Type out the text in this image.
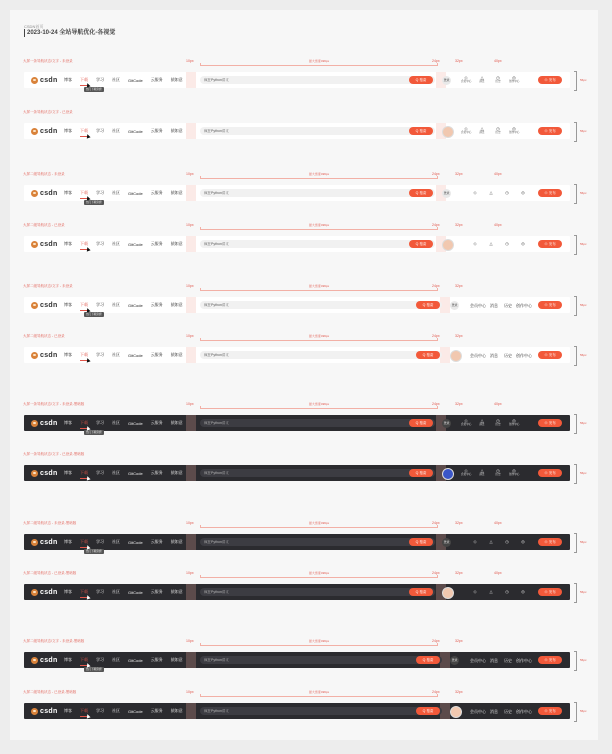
CSDN首页
2023-10-24 全站导航优化-各视觉
大屏一条导航状态/文字 - 未登录	最大宽度496px
10px	24px	32px	40px
csdn 博客 下载 学习 社区 GitCode 云服务 猿如意	疯狂Python讲义	Q 搜索	登录	◇
会员中心
△
消息
◷
历史
◎
创作中心	⊕ 发布	56px
热门下载资源
大屏一条导航状态/文字 - 已登录
csdn 博客 下载 学习 社区 GitCode 云服务 猿如意	疯狂Python讲义	Q 搜索	◇
会员中心
△
消息
◷
历史
◎
创作中心	⊕ 发布	56px
大屏二级导航状态 - 未登录	最大宽度496px
10px	24px	32px	40px
csdn 博客 下载 学习 社区 GitCode 云服务 猿如意	疯狂Python讲义	Q 搜索	登录	◇	△	◷	◎	⊕ 发布	56px
热门下载资源
大屏二级导航状态 - 已登录	最大宽度496px
10px	24px	32px	40px
csdn 博客 下载 学习 社区 GitCode 云服务 猿如意	疯狂Python讲义	Q 搜索	◇	△	◷	◎	⊕ 发布	56px
大屏二级导航状态/文字 - 未登录	最大宽度496px
10px	24px	32px
csdn 博客 下载 学习 社区 GitCode 云服务 猿如意	疯狂Python讲义	Q 搜索	登录	会员中心 消息 历史 创作中心	⊕ 发布	56px
热门下载资源
大屏二级导航状态 - 已登录	最大宽度496px
10px	24px	32px
csdn 博客 下载 学习 社区 GitCode 云服务 猿如意	疯狂Python讲义	Q 搜索	会员中心 消息 历史 创作中心	⊕ 发布	56px
大屏一条导航状态/文字 - 未登录-黑暗版	最大宽度496px
10px	24px	32px	40px
csdn 博客 下载 学习 社区 GitCode 云服务 猿如意	疯狂Python讲义	Q 搜索	登录	◇
会员中心
△
消息
◷
历史
◎
创作中心	⊕ 发布	56px
热门下载资源
大屏一条导航状态/文字 - 已登录-黑暗版
csdn 博客 下载 学习 社区 GitCode 云服务 猿如意	疯狂Python讲义	Q 搜索	◇
会员中心
△
消息
◷
历史
◎
创作中心	⊕ 发布	56px
大屏二级导航状态 - 未登录-黑暗版	最大宽度496px
10px	24px	32px	40px
csdn 博客 下载 学习 社区 GitCode 云服务 猿如意	疯狂Python讲义	Q 搜索	登录	◇	△	◷	◎	⊕ 发布	56px
热门下载资源
大屏二级导航状态 - 已登录-黑暗版	最大宽度496px
10px	24px	32px	40px
csdn 博客 下载 学习 社区 GitCode 云服务 猿如意	疯狂Python讲义	Q 搜索	◇	△	◷	◎	⊕ 发布	56px
大屏二级导航状态/文字 - 未登录-黑暗版	最大宽度496px
10px	24px	32px
csdn 博客 下载 学习 社区 GitCode 云服务 猿如意	疯狂Python讲义	Q 搜索	登录	会员中心 消息 历史 创作中心	⊕ 发布	56px
热门下载资源
大屏二级导航状态 - 已登录-黑暗版	最大宽度496px
10px	24px	32px
csdn 博客 下载 学习 社区 GitCode 云服务 猿如意	疯狂Python讲义	Q 搜索	会员中心 消息 历史 创作中心	⊕ 发布	56px
